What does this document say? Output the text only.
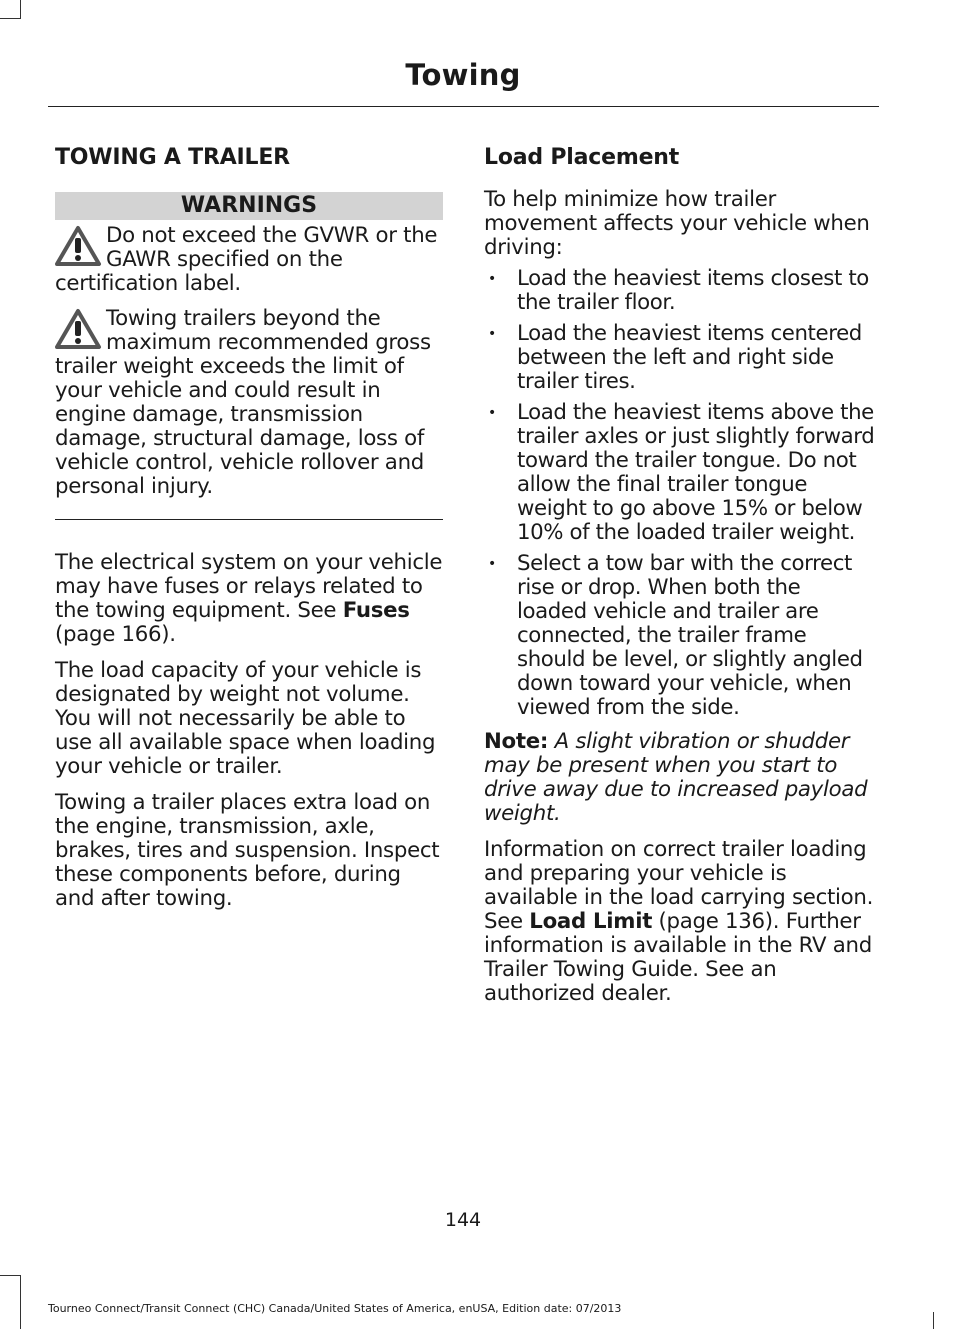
Towing
TOWING A TRAILER
WARNINGS
Do not exceed the GVWR or the GAWR specified on the certification label.
Towing trailers beyond the maximum recommended gross trailer weight exceeds the limit of your vehicle and could result in engine damage, transmission damage, structural damage, loss of vehicle control, vehicle rollover and personal injury.

The electrical system on your vehicle may have fuses or relays related to the towing equipment. See Fuses (page 166).

The load capacity of your vehicle is designated by weight not volume. You will not necessarily be able to use all available space when loading your vehicle or trailer.

Towing a trailer places extra load on the engine, transmission, axle, brakes, tires and suspension. Inspect these components before, during and after towing.

Load Placement

To help minimize how trailer movement affects your vehicle when driving:

• Load the heaviest items closest to the trailer floor.
• Load the heaviest items centered between the left and right side trailer tires.
• Load the heaviest items above the trailer axles or just slightly forward toward the trailer tongue. Do not allow the final trailer tongue weight to go above 15% or below 10% of the loaded trailer weight.
• Select a tow bar with the correct rise or drop. When both the loaded vehicle and trailer are connected, the trailer frame should be level, or slightly angled down toward your vehicle, when viewed from the side.

Note: A slight vibration or shudder may be present when you start to drive away due to increased payload weight.

Information on correct trailer loading and preparing your vehicle is available in the load carrying section. See Load Limit (page 136). Further information is available in the RV and Trailer Towing Guide. See an authorized dealer.

144
Tourneo Connect/Transit Connect (CHC) Canada/United States of America, enUSA, Edition date: 07/2013
